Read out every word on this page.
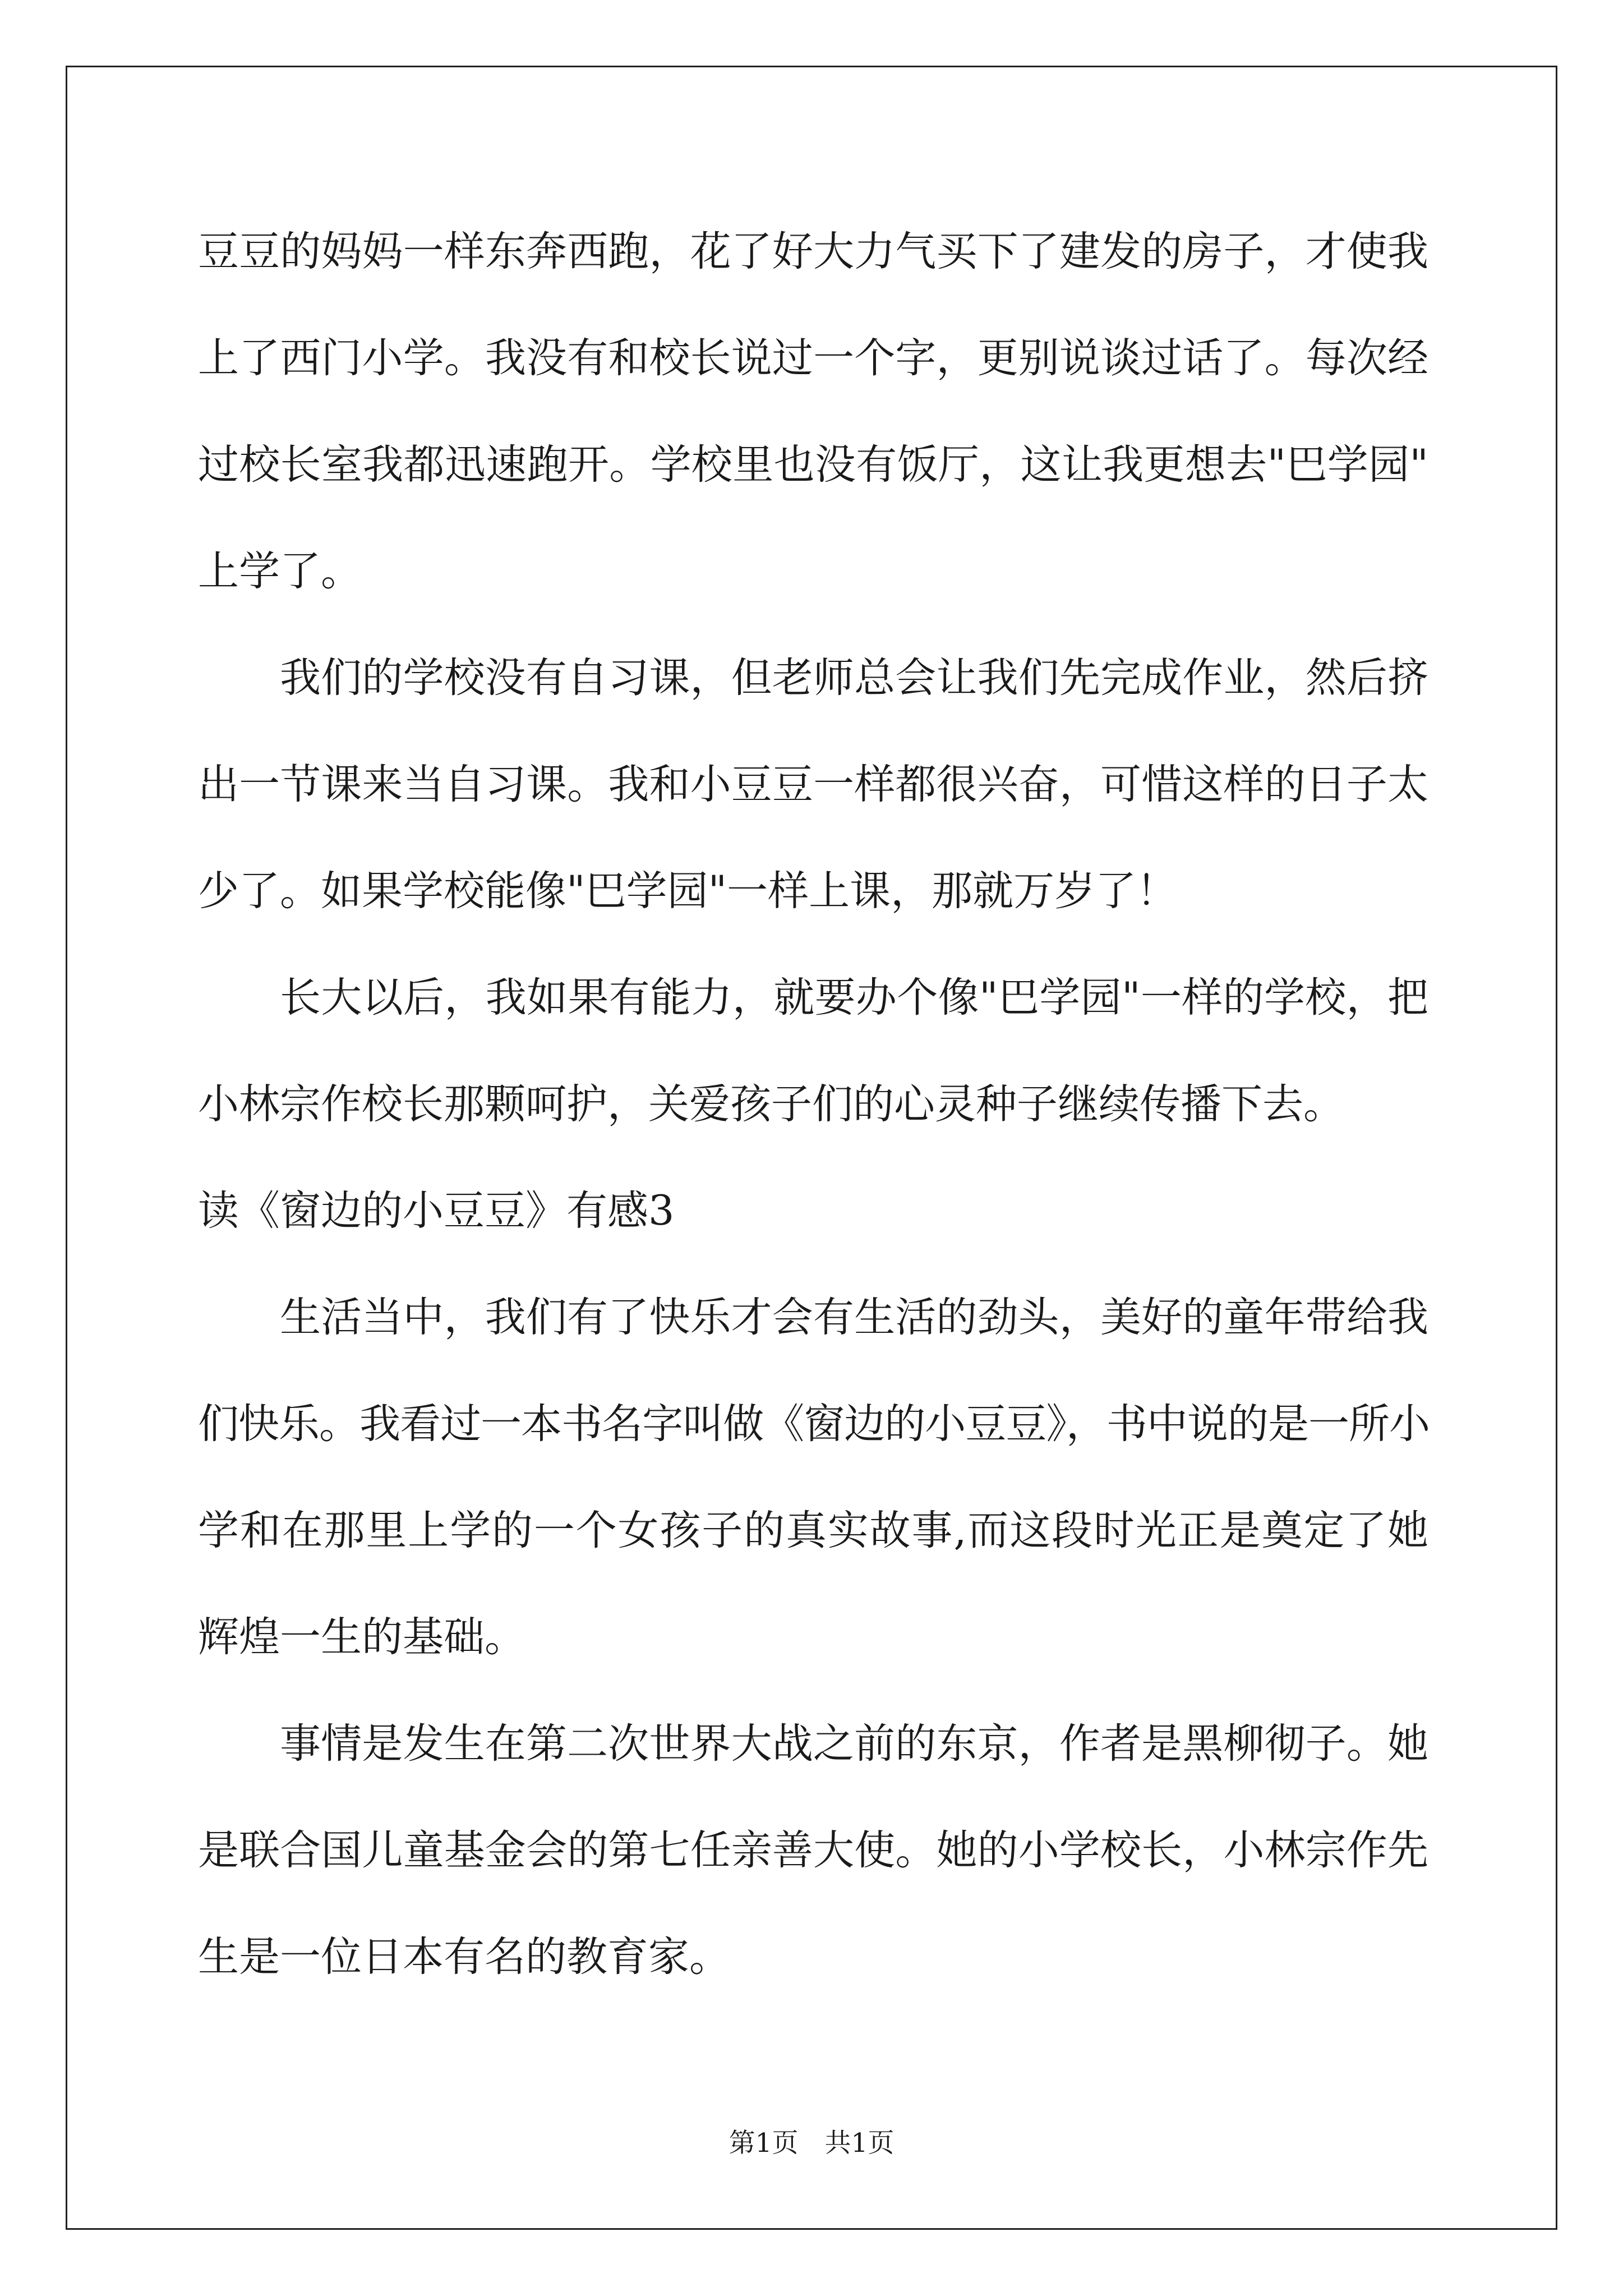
豆豆的妈妈一样东奔西跑，花了好大力气买下了建发的房子，才使我
上了西门小学。我没有和校长说过一个字，更别说谈过话了。每次经
过校长室我都迅速跑开。学校里也没有饭厅，这让我更想去"巴学园"
上学了。
我们的学校没有自习课，但老师总会让我们先完成作业，然后挤
出一节课来当自习课。我和小豆豆一样都很兴奋，可惜这样的日子太
少了。如果学校能像"巴学园"一样上课，那就万岁了！
长大以后，我如果有能力，就要办个像"巴学园"一样的学校，把
小林宗作校长那颗呵护，关爱孩子们的心灵种子继续传播下去。
读《窗边的小豆豆》有感3
生活当中，我们有了快乐才会有生活的劲头，美好的童年带给我
们快乐。我看过一本书名字叫做《窗边的小豆豆》，书中说的是一所小
学和在那里上学的一个女孩子的真实故事,而这段时光正是奠定了她
辉煌一生的基础。
事情是发生在第二次世界大战之前的东京，作者是黑柳彻子。她
是联合国儿童基金会的第七任亲善大使。她的小学校长，小林宗作先
生是一位日本有名的教育家。
第1页　共1页
